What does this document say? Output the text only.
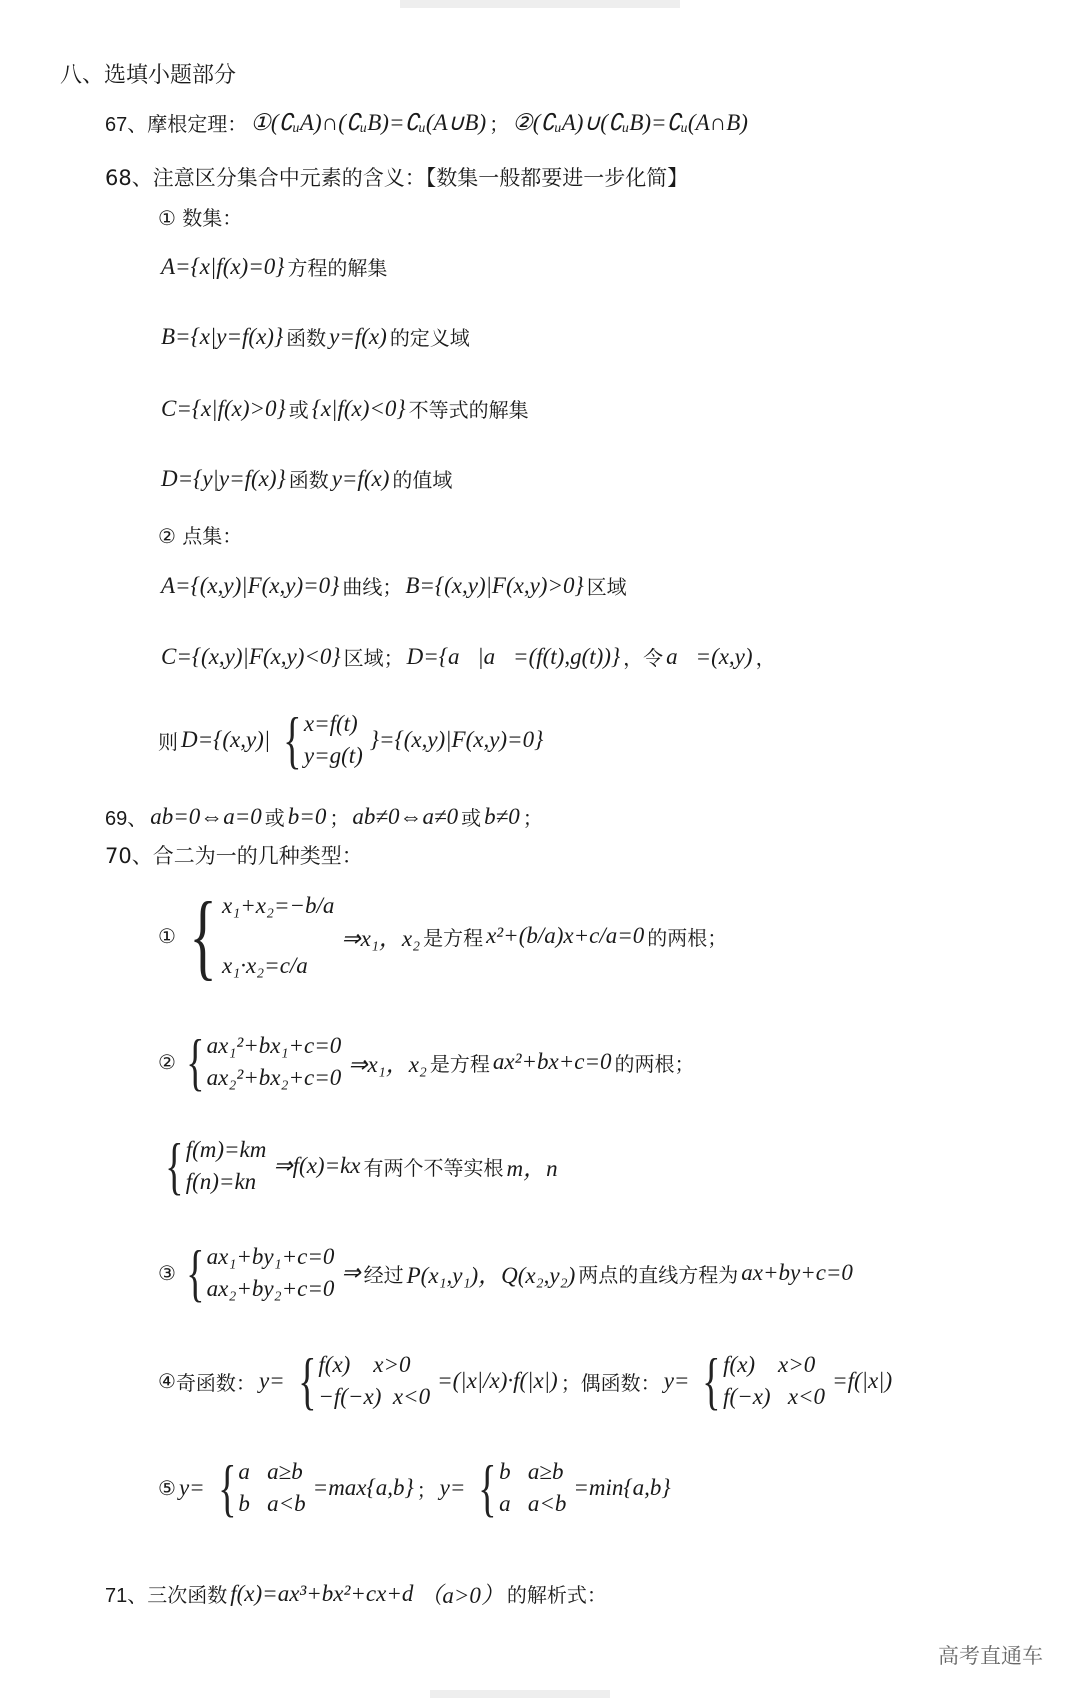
八、选填小题部分
67、摩根定理： ①(∁ᵤA)∩(∁ᵤB)=∁ᵤ(A∪B) ； ②(∁ᵤA)∪(∁ᵤB)=∁ᵤ(A∩B)
68、注意区分集合中元素的含义：【数集一般都要进一步化简】
① 数集：
A={x|f(x)=0} 方程的解集
B={x|y=f(x)} 函数 y=f(x) 的定义域
C={x|f(x)>0} 或 {x|f(x)<0} 不等式的解集
D={y|y=f(x)} 函数 y=f(x) 的值域
② 点集：
A={(x,y)|F(x,y)=0} 曲线； B={(x,y)|F(x,y)>0} 区域
C={(x,y)|F(x,y)<0} 区域； D={a⃗|a⃗=(f(t),g(t))} ，令 a⃗=(x,y) ，
则 D={(x,y)| { x=f(t)
y=g(t)
}={(x,y)|F(x,y)=0}
69、 ab=0⇔a=0 或 b=0 ； ab≠0⇔a≠0 或 b≠0 ；
70、合二为一的几种类型：
① { x₁+x₂=−b/a
x₁·x₂=c/a
⇒x₁，x₂ 是方程 x²+(b/a)x+c/a=0 的两根；
② { ax₁²+bx₁+c=0
ax₂²+bx₂+c=0
⇒x₁，x₂ 是方程 ax²+bx+c=0 的两根；
{ f(m)=km
f(n)=kn
⇒f(x)=kx 有两个不等实根 m，n
③ { ax₁+by₁+c=0
ax₂+by₂+c=0
⇒ 经过 P(x₁,y₁)，Q(x₂,y₂) 两点的直线方程为 ax+by+c=0
④ 奇函数： y= { f(x)    x>0
−f(−x)  x<0
=(|x|/x)·f(|x|) ；偶函数： y= { f(x)    x>0
f(−x)   x<0
=f(|x|)
⑤ y= { a   a≥b
b   a<b
=max{a,b} ； y= { b   a≥b
a   a<b
=min{a,b}
71、三次函数 f(x)=ax³+bx²+cx+d （a>0） 的解析式：
高考直通车
